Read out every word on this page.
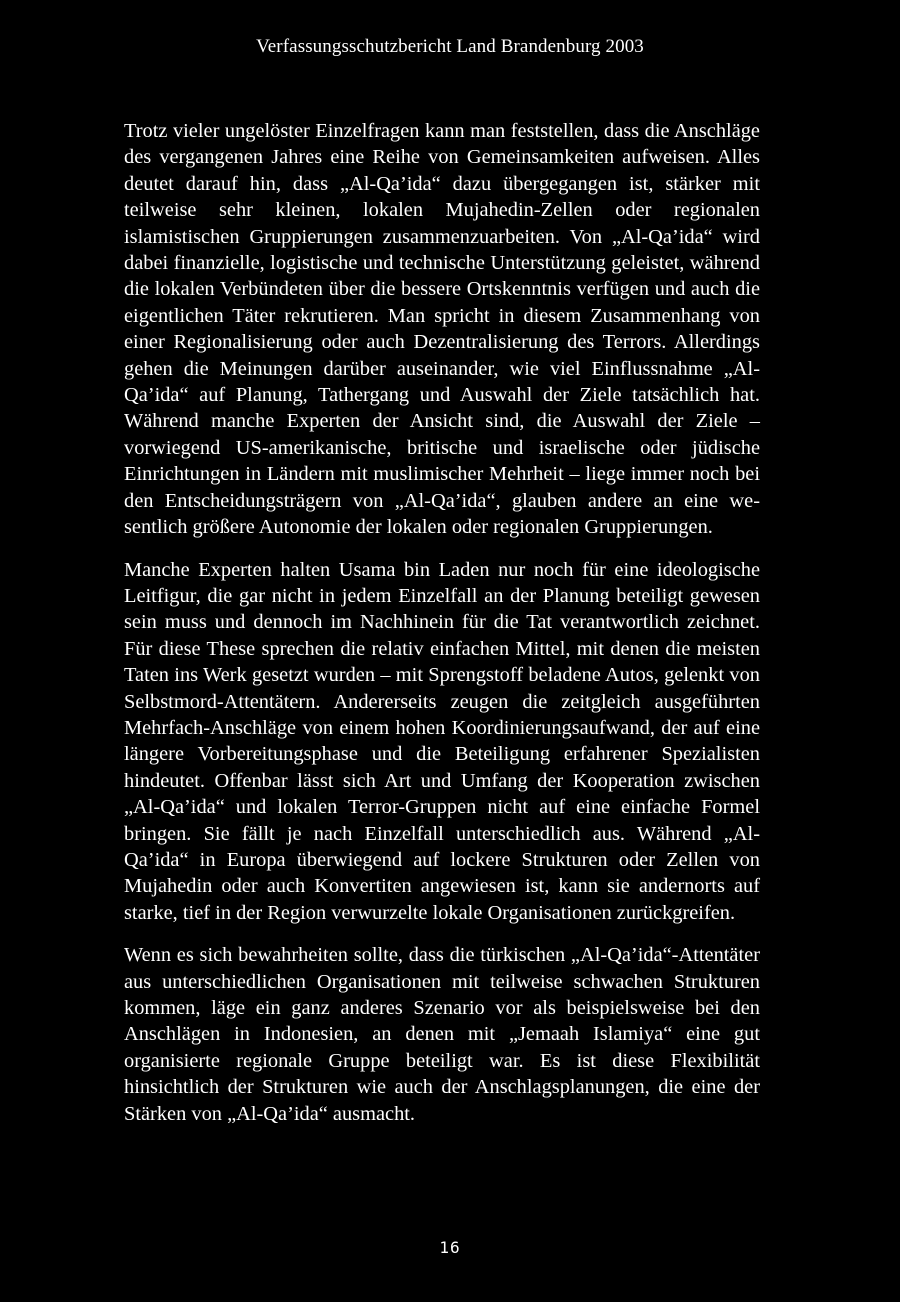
Verfassungsschutzbericht Land Brandenburg 2003

Trotz vieler ungelöster Einzelfragen kann man feststellen, dass die Anschläge des vergangenen Jahres eine Reihe von Gemeinsamkeiten aufweisen. Alles deutet darauf hin, dass „Al-Qa’ida“ dazu übergegangen ist, stärker mit teilweise sehr kleinen, lokalen Mujahedin-Zellen oder regionalen islamistischen Gruppierungen zusammenzuarbeiten. Von „Al-Qa’ida“ wird dabei finanzielle, logistische und technische Unterstützung geleistet, während die lokalen Verbündeten über die bessere Ortskenntnis verfügen und auch die eigentlichen Täter rekrutieren. Man spricht in diesem Zusammenhang von einer Regionalisierung oder auch Dezentralisierung des Terrors. Allerdings gehen die Meinungen darüber auseinander, wie viel Einflussnahme „Al-Qa’ida“ auf Planung, Tathergang und Auswahl der Ziele tatsächlich hat. Während manche Experten der Ansicht sind, die Auswahl der Ziele – vorwiegend US-amerikanische, britische und israelische oder jüdische Einrichtungen in Ländern mit muslimischer Mehrheit – liege immer noch bei den Entscheidungsträgern von „Al-Qa’ida“, glauben andere an eine wesentlich größere Autonomie der lokalen oder regionalen Gruppierungen.

Manche Experten halten Usama bin Laden nur noch für eine ideologische Leitfigur, die gar nicht in jedem Einzelfall an der Planung beteiligt gewesen sein muss und dennoch im Nachhinein für die Tat verantwortlich zeichnet. Für diese These sprechen die relativ einfachen Mittel, mit denen die meisten Taten ins Werk gesetzt wurden – mit Sprengstoff beladene Autos, gelenkt von Selbstmord-Attentätern. Andererseits zeugen die zeitgleich ausgeführten Mehrfach-Anschläge von einem hohen Koordinierungsaufwand, der auf eine längere Vorbereitungsphase und die Beteiligung erfahrener Spezialisten hindeutet. Offenbar lässt sich Art und Umfang der Kooperation zwischen „Al-Qa’ida“ und lokalen Terror-Gruppen nicht auf eine einfache Formel bringen. Sie fällt je nach Einzelfall unterschiedlich aus. Während „Al-Qa’ida“ in Europa überwiegend auf lockere Strukturen oder Zellen von Mujahedin oder auch Konvertiten angewiesen ist, kann sie andernorts auf starke, tief in der Region verwurzelte lokale Organisationen zurückgreifen.

Wenn es sich bewahrheiten sollte, dass die türkischen „Al-Qa’ida“-Attentäter aus unterschiedlichen Organisationen mit teilweise schwachen Strukturen kommen, läge ein ganz anderes Szenario vor als beispielsweise bei den Anschlägen in Indonesien, an denen mit „Jemaah Islamiya“ eine gut organisierte regionale Gruppe beteiligt war. Es ist diese Flexibilität hinsichtlich der Strukturen wie auch der Anschlagsplanungen, die eine der Stärken von „Al-Qa’ida“ ausmacht.

16
